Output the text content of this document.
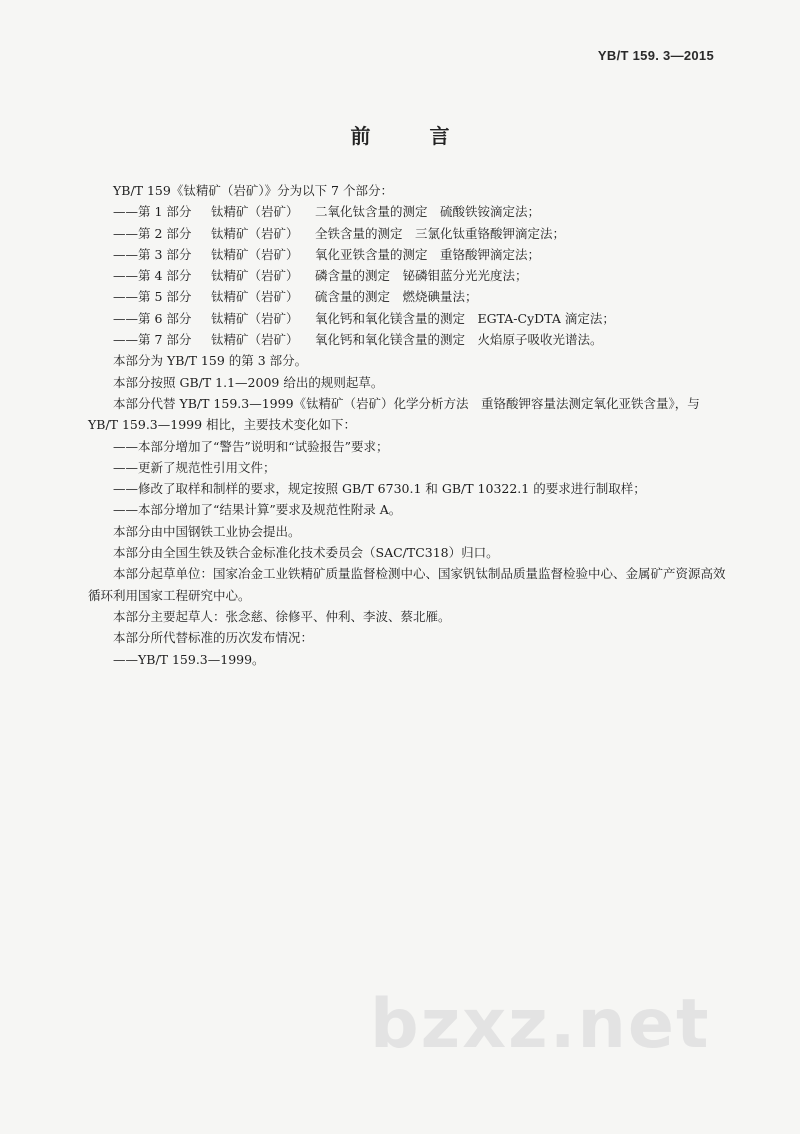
YB/T 159. 3—2015
前 言

YB/T 159《钛精矿（岩矿）》分为以下 7 个部分：

——第 1 部分 钛精矿（岩矿） 二氧化钛含量的测定　硫酸铁铵滴定法；

——第 2 部分 钛精矿（岩矿） 全铁含量的测定　三氯化钛重铬酸钾滴定法；

——第 3 部分 钛精矿（岩矿） 氧化亚铁含量的测定　重铬酸钾滴定法；

——第 4 部分 钛精矿（岩矿） 磷含量的测定　铋磷钼蓝分光光度法；

——第 5 部分 钛精矿（岩矿） 硫含量的测定　燃烧碘量法；

——第 6 部分 钛精矿（岩矿） 氧化钙和氧化镁含量的测定　EGTA-CyDTA 滴定法；

——第 7 部分 钛精矿（岩矿） 氧化钙和氧化镁含量的测定　火焰原子吸收光谱法。

本部分为 YB/T 159 的第 3 部分。

本部分按照 GB/T 1.1—2009 给出的规则起草。

本部分代替 YB/T 159.3—1999《钛精矿（岩矿）化学分析方法　重铬酸钾容量法测定氧化亚铁含量》，与 YB/T 159.3—1999 相比，主要技术变化如下：

——本部分增加了“警告”说明和“试验报告”要求；

——更新了规范性引用文件；

——修改了取样和制样的要求，规定按照 GB/T 6730.1 和 GB/T 10322.1 的要求进行制取样；

——本部分增加了“结果计算”要求及规范性附录 A。

本部分由中国钢铁工业协会提出。

本部分由全国生铁及铁合金标准化技术委员会（SAC/TC318）归口。

本部分起草单位：国家冶金工业铁精矿质量监督检测中心、国家钒钛制品质量监督检验中心、金属矿产资源高效循环利用国家工程研究中心。

本部分主要起草人：张念慈、徐修平、仲利、李波、蔡北雁。

本部分所代替标准的历次发布情况：

——YB/T 159.3—1999。

bzxz.net
